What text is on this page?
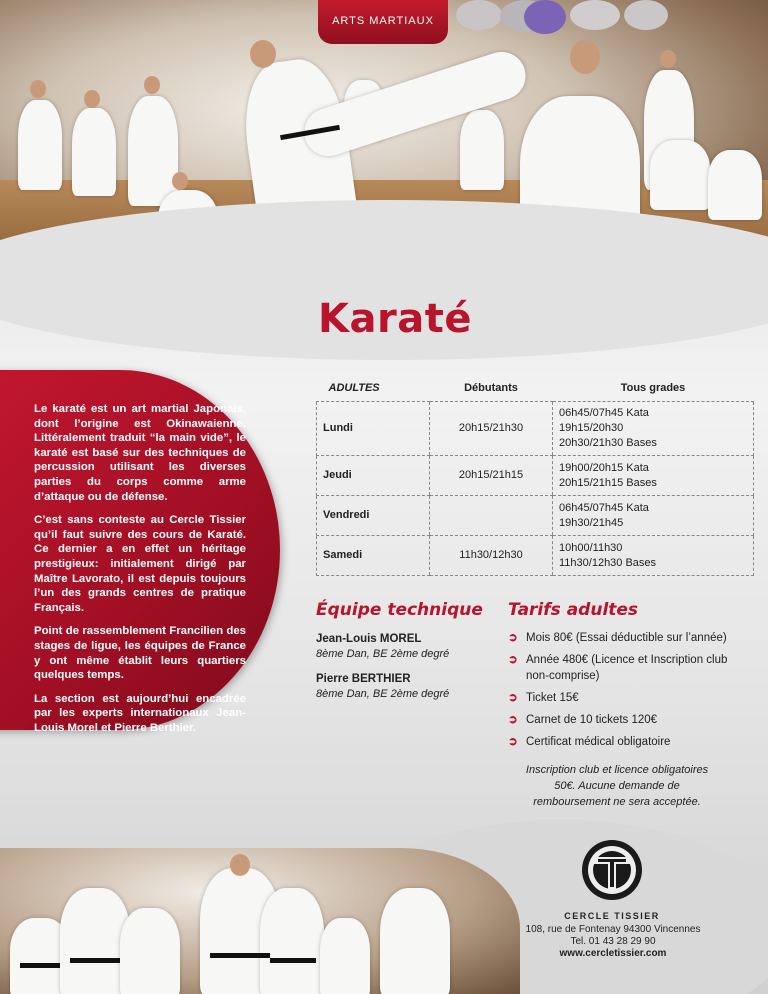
ARTS MARTIAUX
Karaté

Le karaté est un art martial Japonais, dont l’origine est Okinawaienne. Littéralement traduit “la main vide”, le karaté est basé sur des techniques de percussion utilisant les diverses parties du corps comme arme d’attaque ou de défense.

C’est sans conteste au Cercle Tissier qu’il faut suivre des cours de Karaté. Ce dernier a en effet un héritage prestigieux: initialement dirigé par Maître Lavorato, il est depuis toujours l’un des grands centres de pratique Français.

Point de rassemblement Francilien des stages de ligue, les équipes de France y ont même établit leurs quartiers quelques temps.

La section est aujourd’hui encadrée par les experts internationaux Jean-Louis Morel et Pierre Berthier.

ADULTES	Débutants	Tous grades
Lundi	20h15/21h30	06h45/07h45 Kata
19h15/20h30
20h30/21h30 Bases

Jeudi	20h15/21h15	19h00/20h15 Kata
20h15/21h15 Bases

Vendredi		06h45/07h45 Kata
19h30/21h45

Samedi	11h30/12h30	10h00/11h30
11h30/12h30 Bases
Équipe technique

Jean-Louis MOREL

8ème Dan, BE 2ème degré

Pierre BERTHIER

8ème Dan, BE 2ème degré

Tarifs adultes
➲ Mois 80€ (Essai déductible sur l’année)
➲ Année 480€ (Licence et Inscription club non-comprise)
➲ Ticket 15€
➲ Carnet de 10 tickets 120€
➲ Certificat médical obligatoire

Inscription club et licence obligatoires 50€. Aucune demande de remboursement ne sera acceptée.

CERCLE TISSIER

108, rue de Fontenay 94300 Vincennes

Tel. 01 43 28 29 90

www.cercletissier.com
